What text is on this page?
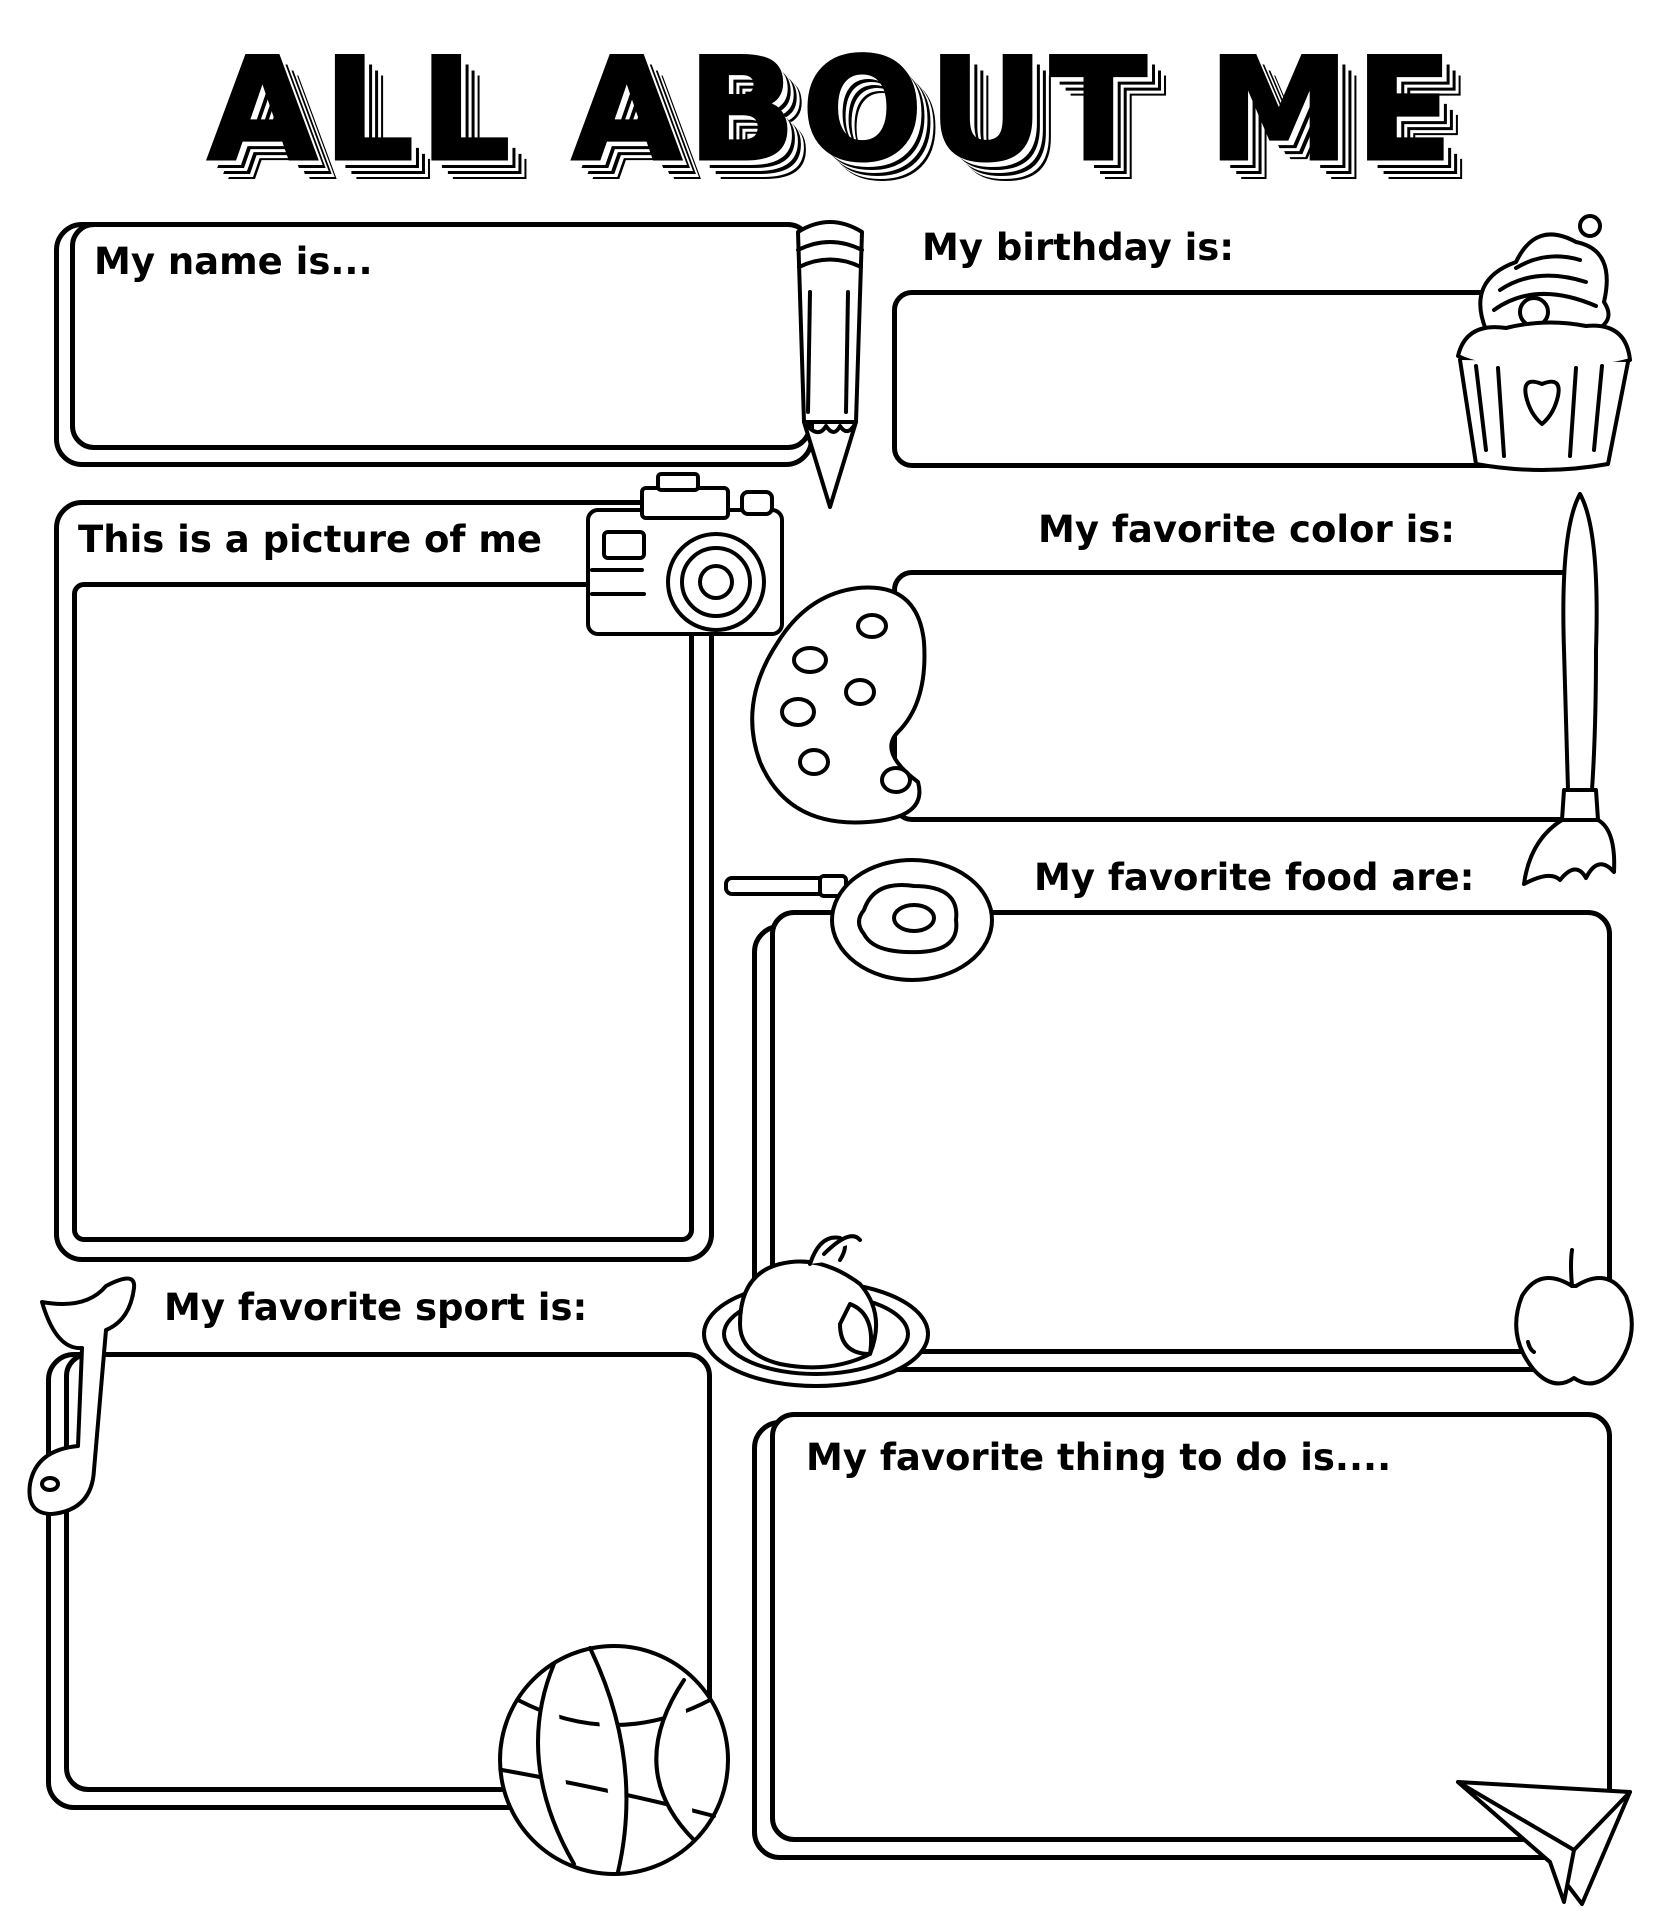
ALL ABOUT ME
My name is...	My birthday is:
This is a picture of me	My favorite color is:
My favorite food are:
My favorite sport is:
My favorite thing to do is....
